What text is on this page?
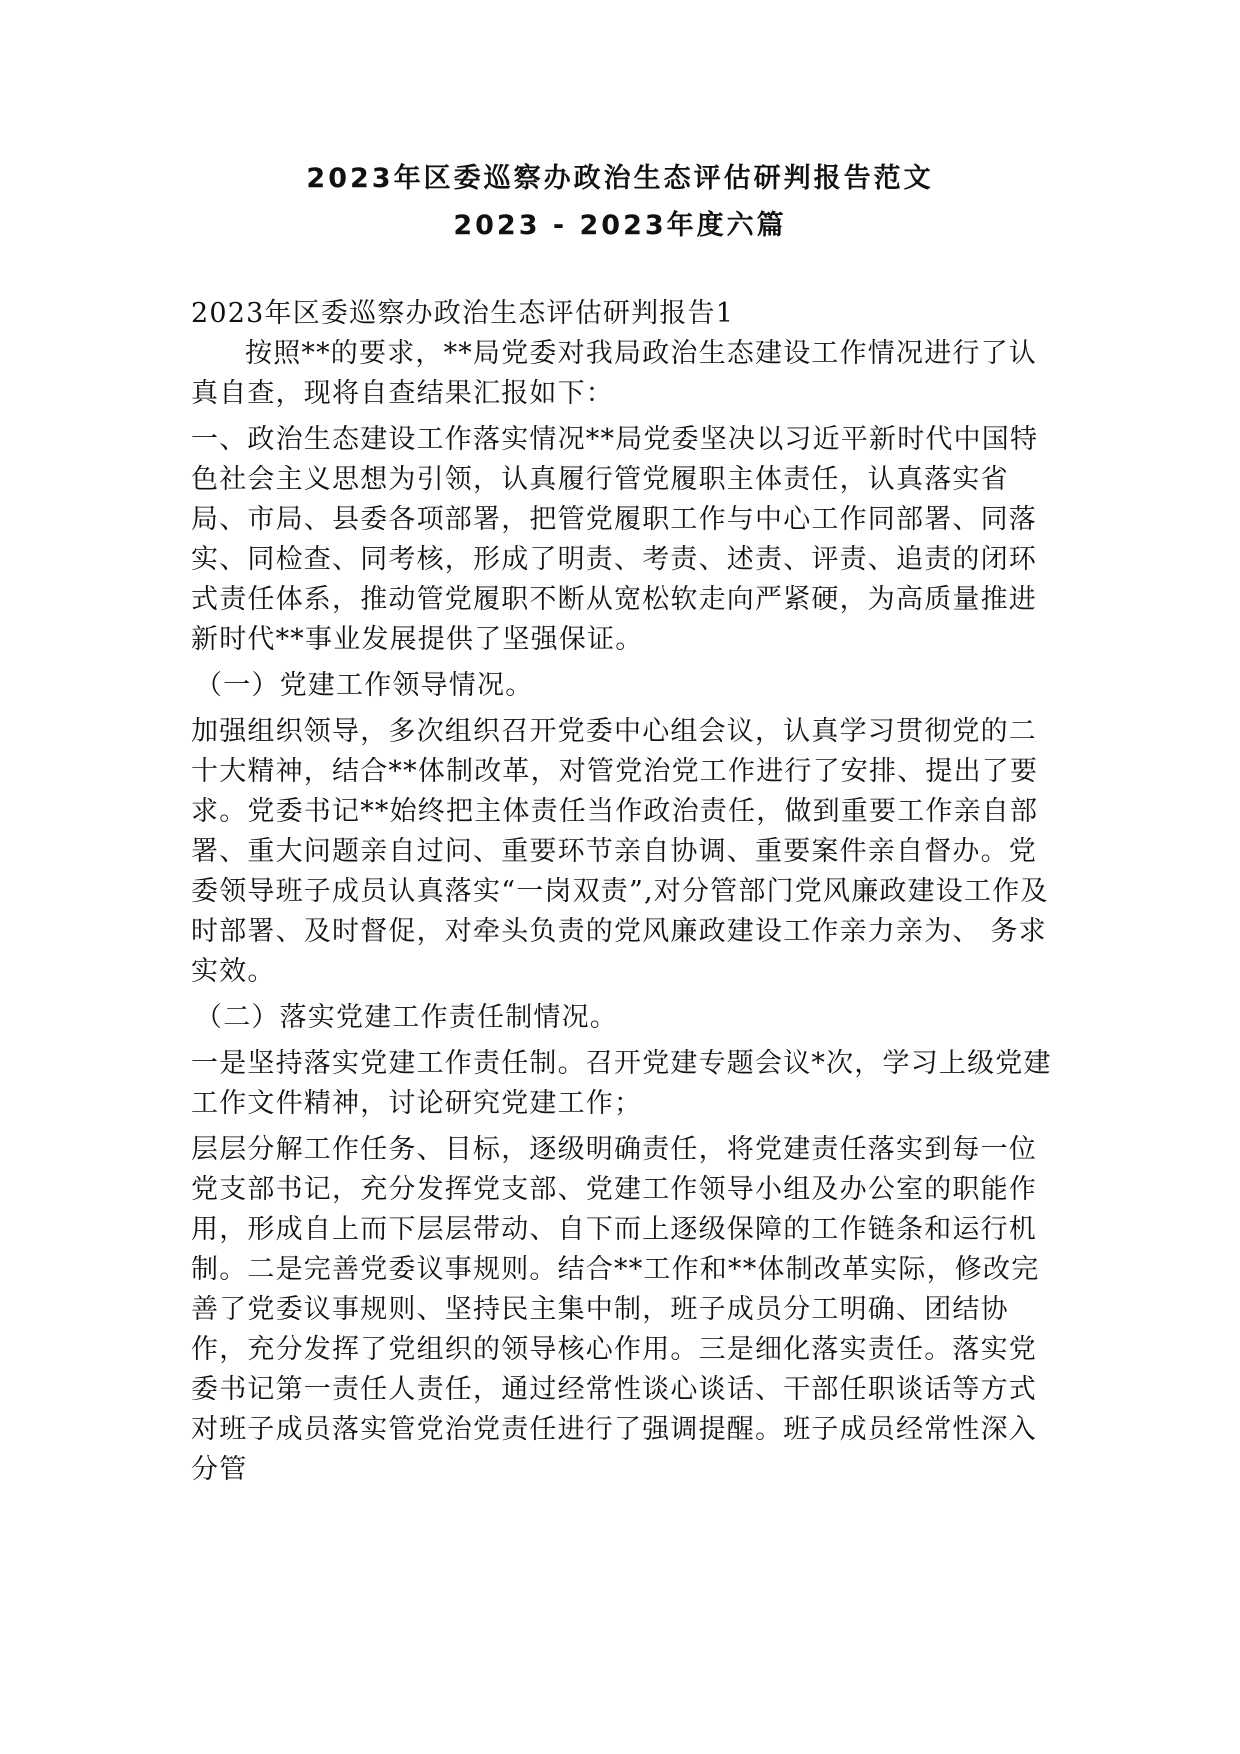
2023年区委巡察办政治生态评估研判报告范文
2023 - 2023年度六篇

2023年区委巡察办政治生态评估研判报告1

按照**的要求，**局党委对我局政治生态建设工作情况进行了认真自查，现将自查结果汇报如下：

一、政治生态建设工作落实情况**局党委坚决以习近平新时代中国特色社会主义思想为引领，认真履行管党履职主体责任，认真落实省 局、市局、县委各项部署，把管党履职工作与中心工作同部署、同落 实、同检查、同考核，形成了明责、考责、述责、评责、追责的闭环 式责任体系，推动管党履职不断从宽松软走向严紧硬，为高质量推进 新时代**事业发展提供了坚强保证。

（一）党建工作领导情况。

加强组织领导，多次组织召开党委中心组会议，认真学习贯彻党的二十大精神，结合**体制改革，对管党治党工作进行了安排、提出了要求。党委书记**始终把主体责任当作政治责任，做到重要工作亲自部署、重大问题亲自过问、重要环节亲自协调、重要案件亲自督办。党委领导班子成员认真落实“一岗双责”,对分管部门党风廉政建设工作及时部署、及时督促，对牵头负责的党风廉政建设工作亲力亲为、 务求实效。

（二）落实党建工作责任制情况。

一是坚持落实党建工作责任制。召开党建专题会议*次，学习上级党建工作文件精神，讨论研究党建工作；

层层分解工作任务、目标，逐级明确责任，将党建责任落实到每一位党支部书记，充分发挥党支部、党建工作领导小组及办公室的职能作用，形成自上而下层层带动、自下而上逐级保障的工作链条和运行机制。二是完善党委议事规则。结合**工作和**体制改革实际，修改完善了党委议事规则、坚持民主集中制，班子成员分工明确、团结协作，充分发挥了党组织的领导核心作用。三是细化落实责任。落实党委书记第一责任人责任，通过经常性谈心谈话、干部任职谈话等方式对班子成员落实管党治党责任进行了强调提醒。班子成员经常性深入分管
